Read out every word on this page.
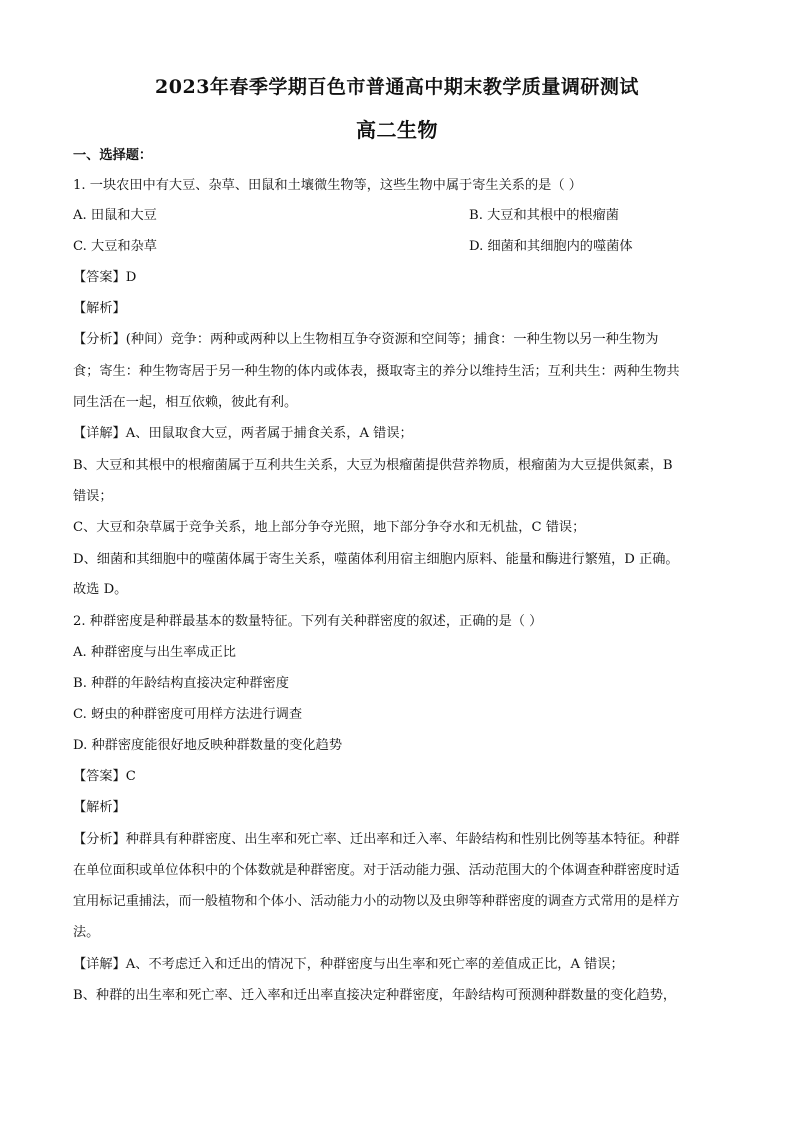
2023年春季学期百色市普通高中期末教学质量调研测试
高二生物
一、选择题：
1. 一块农田中有大豆、杂草、田鼠和土壤微生物等，这些生物中属于寄生关系的是（ ）
A. 田鼠和大豆	B. 大豆和其根中的根瘤菌
C. 大豆和杂草	D. 细菌和其细胞内的噬菌体
【答案】D
【解析】
【分析】(种间）竞争：两种或两种以上生物相互争夺资源和空间等；捕食：一种生物以另一种生物为
食；寄生：种生物寄居于另一种生物的体内或体表，摄取寄主的养分以维持生活；互利共生：两种生物共
同生活在一起，相互依赖，彼此有利。
【详解】A、田鼠取食大豆，两者属于捕食关系，A 错误；
B、大豆和其根中的根瘤菌属于互利共生关系，大豆为根瘤菌提供营养物质，根瘤菌为大豆提供氮素，B
错误；
C、大豆和杂草属于竞争关系，地上部分争夺光照，地下部分争夺水和无机盐，C 错误；
D、细菌和其细胞中的噬菌体属于寄生关系，噬菌体利用宿主细胞内原料、能量和酶进行繁殖，D 正确。
故选 D。
2. 种群密度是种群最基本的数量特征。下列有关种群密度的叙述，正确的是（ ）
A. 种群密度与出生率成正比
B. 种群的年龄结构直接决定种群密度
C. 蚜虫的种群密度可用样方法进行调查
D. 种群密度能很好地反映种群数量的变化趋势
【答案】C
【解析】
【分析】种群具有种群密度、出生率和死亡率、迁出率和迁入率、年龄结构和性别比例等基本特征。种群
在单位面积或单位体积中的个体数就是种群密度。对于活动能力强、活动范围大的个体调查种群密度时适
宜用标记重捕法，而一般植物和个体小、活动能力小的动物以及虫卵等种群密度的调查方式常用的是样方
法。
【详解】A、不考虑迁入和迁出的情况下，种群密度与出生率和死亡率的差值成正比，A 错误；
B、种群的出生率和死亡率、迁入率和迁出率直接决定种群密度，年龄结构可预测种群数量的变化趋势，
